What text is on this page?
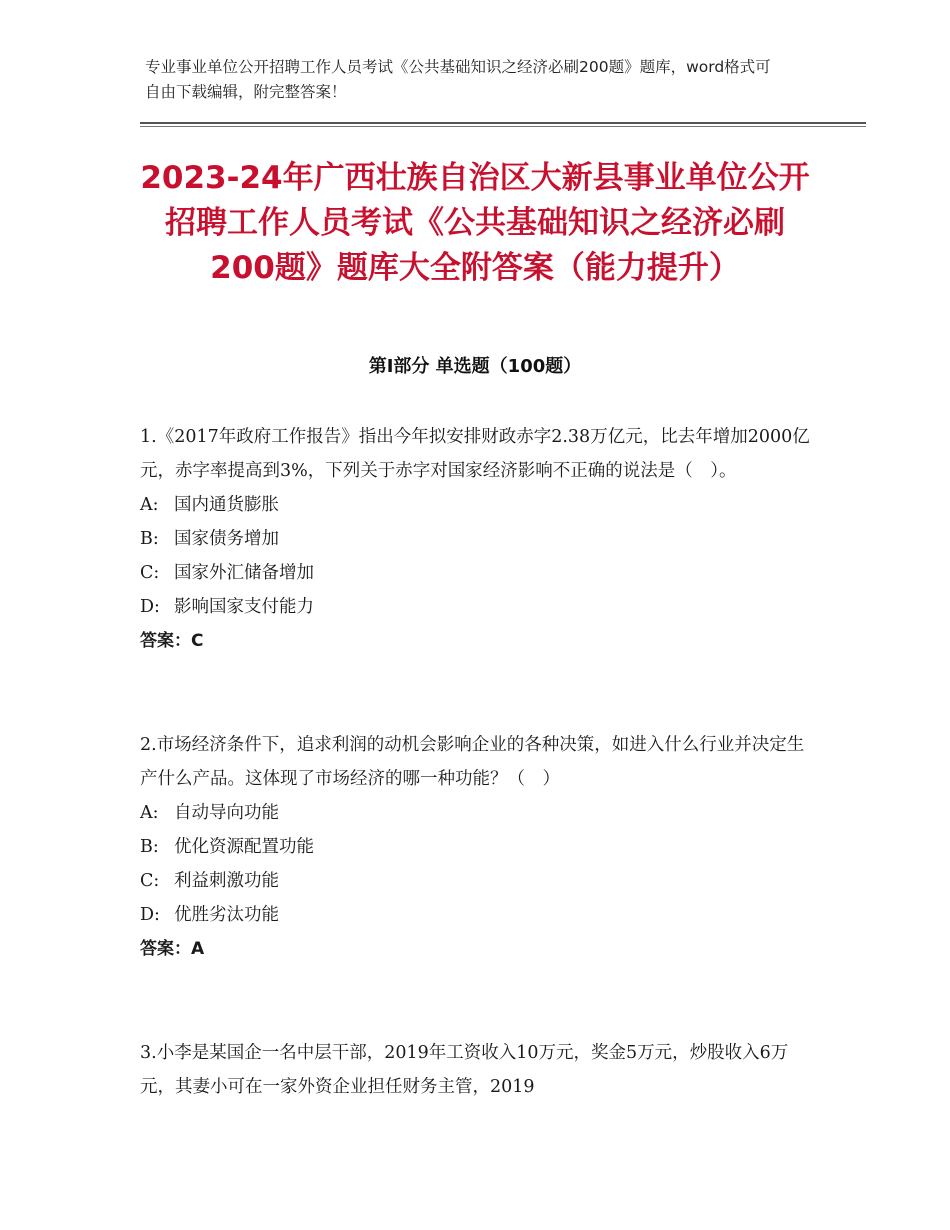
专业事业单位公开招聘工作人员考试《公共基础知识之经济必刷200题》题库，word格式可自由下载编辑，附完整答案！
2023-24年广西壮族自治区大新县事业单位公开招聘工作人员考试《公共基础知识之经济必刷200题》题库大全附答案（能力提升）
第Ⅰ部分 单选题（100题）

1.《2017年政府工作报告》指出今年拟安排财政赤字2.38万亿元，比去年增加2000亿元，赤字率提高到3%，下列关于赤字对国家经济影响不正确的说法是（　）。

A: 国内通货膨胀

B: 国家债务增加

C: 国家外汇储备增加

D: 影响国家支付能力

答案：C

2.市场经济条件下，追求利润的动机会影响企业的各种决策，如进入什么行业并决定生产什么产品。这体现了市场经济的哪一种功能？（　）

A: 自动导向功能

B: 优化资源配置功能

C: 利益刺激功能

D: 优胜劣汰功能

答案：A

3.小李是某国企一名中层干部，2019年工资收入10万元，奖金5万元，炒股收入6万元，其妻小可在一家外资企业担任财务主管，2019
